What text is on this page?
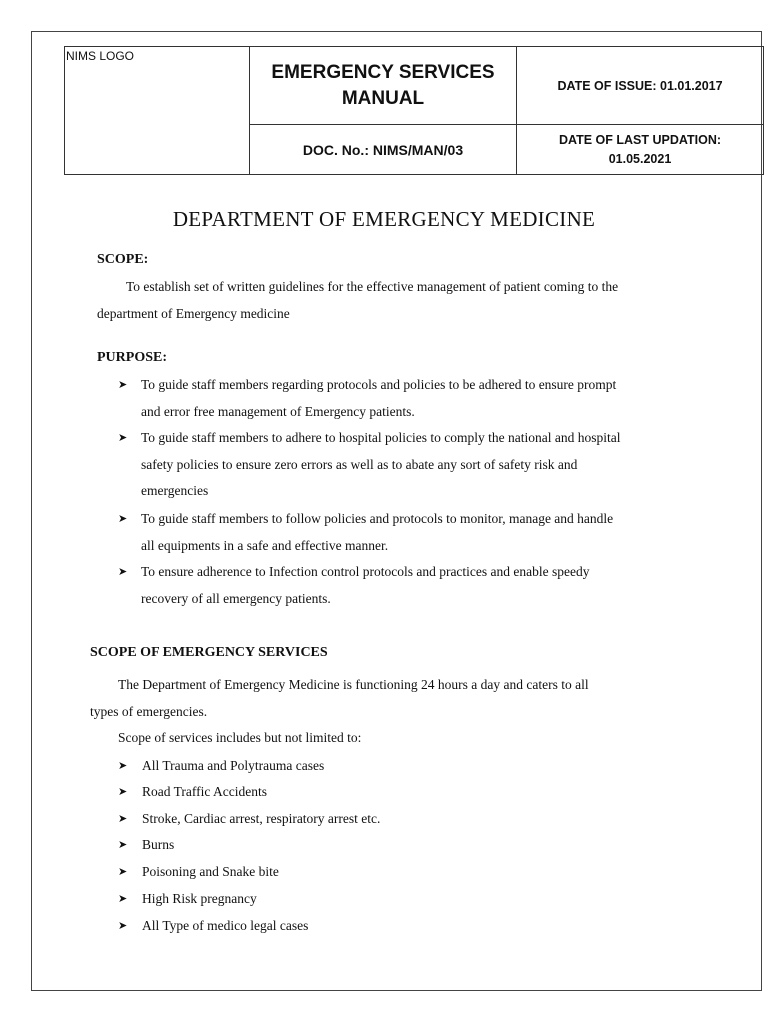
NIMS LOGO
EMERGENCY SERVICES MANUAL
DATE OF ISSUE: 01.01.2017
DOC. No.: NIMS/MAN/03
DATE OF LAST UPDATION: 01.05.2021
DEPARTMENT OF EMERGENCY MEDICINE
SCOPE:
To establish set of written guidelines for the effective management of patient coming to the
department of Emergency medicine
PURPOSE:
➤ To guide staff members regarding protocols and policies to be adhered to ensure prompt
and error free management of Emergency patients.
➤ To guide staff members to adhere to hospital policies to comply the national and hospital
safety policies to ensure zero errors as well as to abate any sort of safety risk and
emergencies
➤ To guide staff members to follow policies and protocols to monitor, manage and handle
all equipments in a safe and effective manner.
➤ To ensure adherence to Infection control protocols and practices and enable speedy
recovery of all emergency patients.
SCOPE OF EMERGENCY SERVICES
The Department of Emergency Medicine is functioning 24 hours a day and caters to all
types of emergencies.
Scope of services includes but not limited to:
➤ All Trauma and Polytrauma cases
➤ Road Traffic Accidents
➤ Stroke, Cardiac arrest, respiratory arrest etc.
➤ Burns
➤ Poisoning and Snake bite
➤ High Risk pregnancy
➤ All Type of medico legal cases
